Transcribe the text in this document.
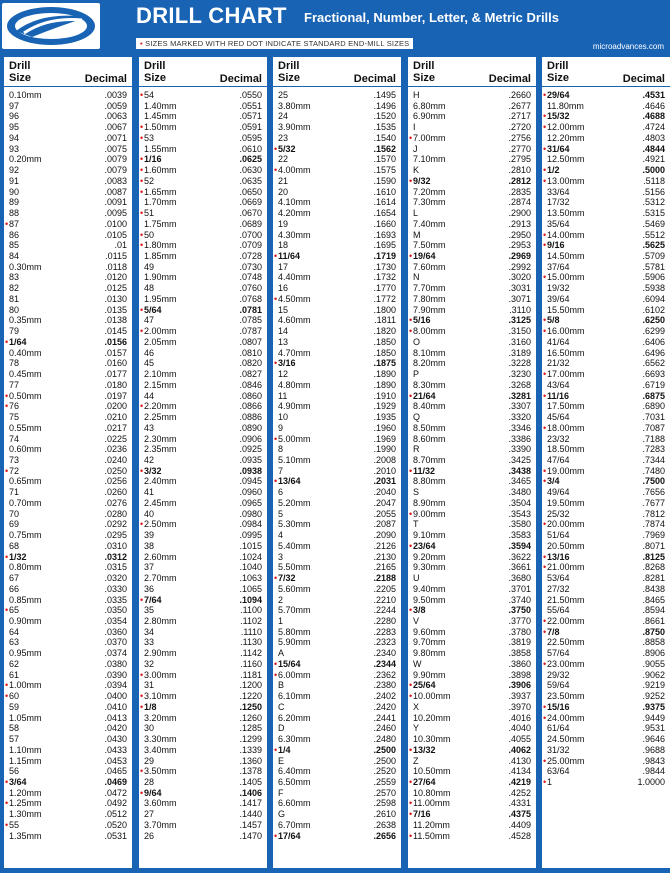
DRILL CHART Fractional, Number, Letter, & Metric Drills
• SIZES MARKED WITH RED DOT INDICATE STANDARD END-MILL SIZES	microadvances.com
Drill
Size	Decimal
0.10mm	.0039
97	.0059
96	.0063
95	.0067
94	.0071
93	.0075
0.20mm	.0079
92	.0079
91	.0083
90	.0087
89	.0091
88	.0095
• 87	.0100
86	.0105
85	.01
84	.0115
0.30mm	.0118
83	.0120
82	.0125
81	.0130
80	.0135
0.35mm	.0138
79	.0145
• 1/64	.0156
0.40mm	.0157
78	.0160
0.45mm	.0177
77	.0180
• 0.50mm	.0197
• 76	.0200
75	.0210
0.55mm	.0217
74	.0225
0.60mm	.0236
73	.0240
• 72	.0250
0.65mm	.0256
71	.0260
0.70mm	.0276
70	.0280
69	.0292
0.75mm	.0295
68	.0310
• 1/32	.0312
0.80mm	.0315
67	.0320
66	.0330
0.85mm	.0335
• 65	.0350
0.90mm	.0354
64	.0360
63	.0370
0.95mm	.0374
62	.0380
61	.0390
• 1.00mm	.0394
• 60	.0400
59	.0410
1.05mm	.0413
58	.0420
57	.0430
1.10mm	.0433
1.15mm	.0453
56	.0465
• 3/64	.0469
1.20mm	.0472
• 1.25mm	.0492
1.30mm	.0512
• 55	.0520
1.35mm	.0531
Drill
Size	Decimal
• 54	.0550
1.40mm	.0551
1.45mm	.0571
• 1.50mm	.0591
• 53	.0595
1.55mm	.0610
• 1/16	.0625
• 1.60mm	.0630
• 52	.0635
• 1.65mm	.0650
1.70mm	.0669
• 51	.0670
1.75mm	.0689
• 50	.0700
• 1.80mm	.0709
1.85mm	.0728
49	.0730
1.90mm	.0748
48	.0760
1.95mm	.0768
• 5/64	.0781
47	.0785
• 2.00mm	.0787
2.05mm	.0807
46	.0810
45	.0820
2.10mm	.0827
2.15mm	.0846
44	.0860
• 2.20mm	.0866
2.25mm	.0886
43	.0890
2.30mm	.0906
2.35mm	.0925
42	.0935
• 3/32	.0938
2.40mm	.0945
41	.0960
2.45mm	.0965
40	.0980
• 2.50mm	.0984
39	.0995
38	.1015
2.60mm	.1024
37	.1040
2.70mm	.1063
36	.1065
• 7/64	.1094
35	.1100
2.80mm	.1102
34	.1110
33	.1130
2.90mm	.1142
32	.1160
• 3.00mm	.1181
31	.1200
• 3.10mm	.1220
• 1/8	.1250
3.20mm	.1260
30	.1285
3.30mm	.1299
3.40mm	.1339
29	.1360
• 3.50mm	.1378
28	.1405
• 9/64	.1406
3.60mm	.1417
27	.1440
3.70mm	.1457
26	.1470
Drill
Size	Decimal
25	.1495
3.80mm	.1496
24	.1520
3.90mm	.1535
23	.1540
• 5/32	.1562
22	.1570
• 4.00mm	.1575
21	.1590
20	.1610
4.10mm	.1614
4.20mm	.1654
19	.1660
4.30mm	.1693
18	.1695
• 11/64	.1719
17	.1730
4.40mm	.1732
16	.1770
• 4.50mm	.1772
15	.1800
4.60mm	.1811
14	.1820
13	.1850
4.70mm	.1850
• 3/16	.1875
12	.1890
4.80mm	.1890
11	.1910
4.90mm	.1929
10	.1935
9	.1960
• 5.00mm	.1969
8	.1990
5.10mm	.2008
7	.2010
• 13/64	.2031
6	.2040
5.20mm	.2047
5	.2055
5.30mm	.2087
4	.2090
5.40mm	.2126
3	.2130
5.50mm	.2165
• 7/32	.2188
5.60mm	.2205
2	.2210
5.70mm	.2244
1	.2280
5.80mm	.2283
5.90mm	.2323
A	.2340
• 15/64	.2344
• 6.00mm	.2362
B	.2380
6.10mm	.2402
C	.2420
6.20mm	.2441
D	.2460
6.30mm	.2480
• 1/4	.2500
E	.2500
6.40mm	.2520
6.50mm	.2559
F	.2570
6.60mm	.2598
G	.2610
6.70mm	.2638
• 17/64	.2656
Drill
Size	Decimal
H	.2660
6.80mm	.2677
6.90mm	.2717
I	.2720
• 7.00mm	.2756
J	.2770
7.10mm	.2795
K	.2810
• 9/32	.2812
7.20mm	.2835
7.30mm	.2874
L	.2900
7.40mm	.2913
M	.2950
7.50mm	.2953
• 19/64	.2969
7.60mm	.2992
N	.3020
7.70mm	.3031
7.80mm	.3071
7.90mm	.3110
• 5/16	.3125
• 8.00mm	.3150
O	.3160
8.10mm	.3189
8.20mm	.3228
P	.3230
8.30mm	.3268
• 21/64	.3281
8.40mm	.3307
Q	.3320
8.50mm	.3346
8.60mm	.3386
R	.3390
8.70mm	.3425
• 11/32	.3438
8.80mm	.3465
S	.3480
8.90mm	.3504
• 9.00mm	.3543
T	.3580
9.10mm	.3583
• 23/64	.3594
9.20mm	.3622
9.30mm	.3661
U	.3680
9.40mm	.3701
9.50mm	.3740
• 3/8	.3750
V	.3770
9.60mm	.3780
9.70mm	.3819
9.80mm	.3858
W	.3860
9.90mm	.3898
• 25/64	.3906
• 10.00mm	.3937
X	.3970
10.20mm	.4016
Y	.4040
10.30mm	.4055
• 13/32	.4062
Z	.4130
10.50mm	.4134
• 27/64	.4219
10.80mm	.4252
• 11.00mm	.4331
• 7/16	.4375
11.20mm	.4409
• 11.50mm	.4528
Drill
Size	Decimal
• 29/64	.4531
11.80mm	.4646
• 15/32	.4688
• 12.00mm	.4724
12.20mm	.4803
• 31/64	.4844
12.50mm	.4921
• 1/2	.5000
• 13.00mm	.5118
33/64	.5156
17/32	.5312
13.50mm	.5315
35/64	.5469
• 14.00mm	.5512
• 9/16	.5625
14.50mm	.5709
37/64	.5781
• 15.00mm	.5906
19/32	.5938
39/64	.6094
15.50mm	.6102
• 5/8	.6250
• 16.00mm	.6299
41/64	.6406
16.50mm	.6496
21/32	.6562
• 17.00mm	.6693
43/64	.6719
• 11/16	.6875
17.50mm	.6890
45/64	.7031
• 18.00mm	.7087
23/32	.7188
18.50mm	.7283
47/64	.7344
• 19.00mm	.7480
• 3/4	.7500
49/64	.7656
19.50mm	.7677
25/32	.7812
• 20.00mm	.7874
51/64	.7969
20.50mm	.8071
• 13/16	.8125
• 21.00mm	.8268
53/64	.8281
27/32	.8438
21.50mm	.8465
55/64	.8594
• 22.00mm	.8661
• 7/8	.8750
22.50mm	.8858
57/64	.8906
• 23.00mm	.9055
29/32	.9062
59/64	.9219
23.50mm	.9252
• 15/16	.9375
• 24.00mm	.9449
61/64	.9531
24.50mm	.9646
31/32	.9688
• 25.00mm	.9843
63/64	.9844
• 1	1.0000
